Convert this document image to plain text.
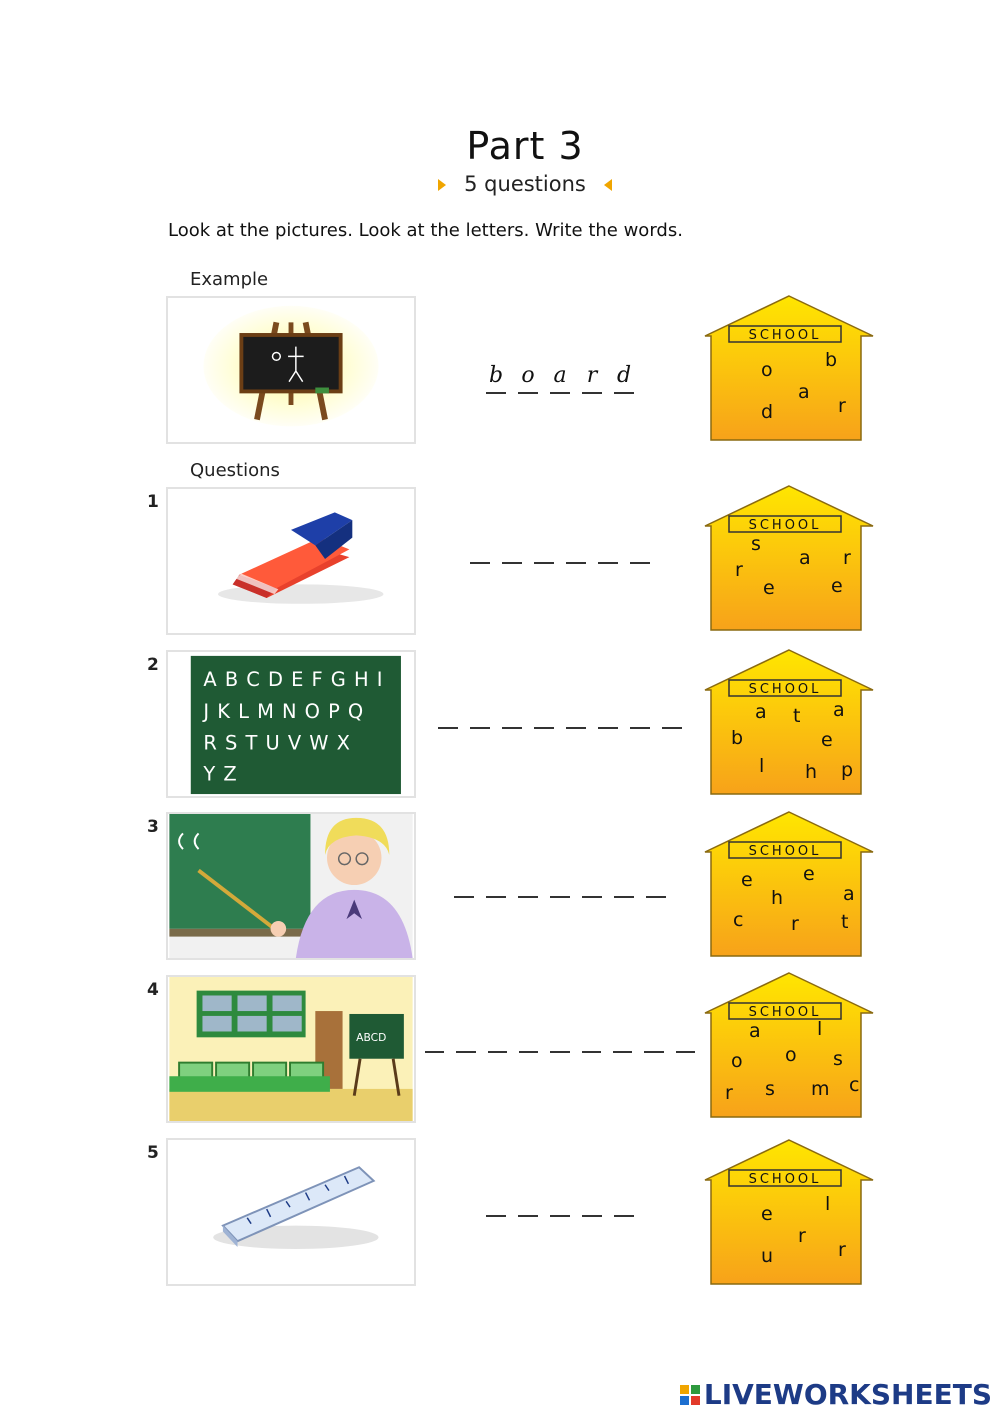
Part 3
5 questions
Look at the pictures. Look at the letters. Write the words.
Example
Questions
b o a r d
SCHOOL
o	b
a
d	r
1
SCHOOL
s
a r
r
e	e
2
A B C D E F G H I
J K L M N O P Q
R S T U V W X
Y Z
SCHOOL
a t a
b	e
l h p
3
SCHOOL
e	e
h	a
c	r t
4
ABCD
SCHOOL
a	l
o
o	s
r s m c
5
SCHOOL
e	l
r
u	r
LIVEWORKSHEETS
